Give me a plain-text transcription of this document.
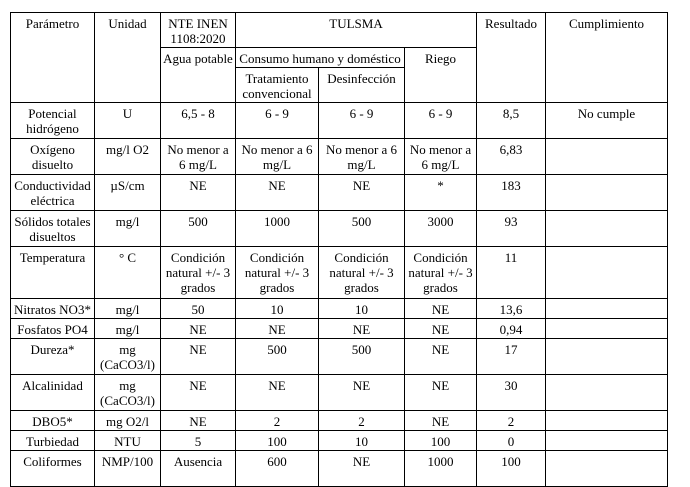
Parámetro	Unidad	NTE INEN 1108:2020	TULSMA			Resultado	Cumplimiento
		Agua potable	Consumo humano y doméstico		Riego		
			Tratamiento convencional	Desinfección			
Potencial hidrógeno	U	6,5 - 8	6 - 9	6 - 9	6 - 9	8,5	No cumple
Oxígeno disuelto	mg/l O2	No menor a 6 mg/L	No menor a 6 mg/L	No menor a 6 mg/L	No menor a 6 mg/L	6,83	
Conductividad eléctrica	µS/cm	NE	NE	NE	*	183	
Sólidos totales disueltos	mg/l	500	1000	500	3000	93	
Temperatura	° C	Condición natural +/- 3 grados	Condición natural +/- 3 grados	Condición natural +/- 3 grados	Condición natural +/- 3 grados	11	
Nitratos NO3*	mg/l	50	10	10	NE	13,6	
Fosfatos PO4	mg/l	NE	NE	NE	NE	0,94	
Dureza*	mg (CaCO3/l)	NE	500	500	NE	17	
Alcalinidad	mg (CaCO3/l)	NE	NE	NE	NE	30	
DBO5*	mg O2/l	NE	2	2	NE	2	
Turbiedad	NTU	5	100	10	100	0	
Coliformes	NMP/100	Ausencia	600	NE	1000	100	
